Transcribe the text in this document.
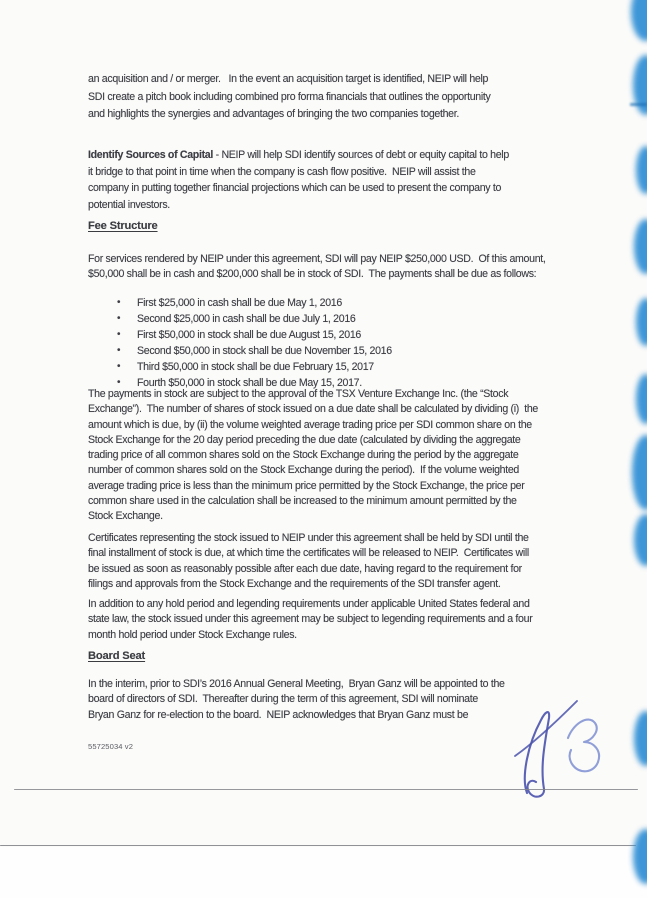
an acquisition and / or merger.   In the event an acquisition target is identified, NEIP will help
SDI create a pitch book including combined pro forma financials that outlines the opportunity
and highlights the synergies and advantages of bringing the two companies together.
Identify Sources of Capital - NEIP will help SDI identify sources of debt or equity capital to help
it bridge to that point in time when the company is cash flow positive.  NEIP will assist the
company in putting together financial projections which can be used to present the company to
potential investors.
Fee Structure
For services rendered by NEIP under this agreement, SDI will pay NEIP $250,000 USD.  Of this amount,
$50,000 shall be in cash and $200,000 shall be in stock of SDI.  The payments shall be due as follows:
• First $25,000 in cash shall be due May 1, 2016
• Second $25,000 in cash shall be due July 1, 2016
• First $50,000 in stock shall be due August 15, 2016
• Second $50,000 in stock shall be due November 15, 2016
• Third $50,000 in stock shall be due February 15, 2017
• Fourth $50,000 in stock shall be due May 15, 2017.
The payments in stock are subject to the approval of the TSX Venture Exchange Inc. (the “Stock
Exchange”).  The number of shares of stock issued on a due date shall be calculated by dividing (i)  the
amount which is due, by (ii) the volume weighted average trading price per SDI common share on the
Stock Exchange for the 20 day period preceding the due date (calculated by dividing the aggregate
trading price of all common shares sold on the Stock Exchange during the period by the aggregate
number of common shares sold on the Stock Exchange during the period).  If the volume weighted
average trading price is less than the minimum price permitted by the Stock Exchange, the price per
common share used in the calculation shall be increased to the minimum amount permitted by the
Stock Exchange.
Certificates representing the stock issued to NEIP under this agreement shall be held by SDI until the
final installment of stock is due, at which time the certificates will be released to NEIP.  Certificates will
be issued as soon as reasonably possible after each due date, having regard to the requirement for
filings and approvals from the Stock Exchange and the requirements of the SDI transfer agent.
In addition to any hold period and legending requirements under applicable United States federal and
state law, the stock issued under this agreement may be subject to legending requirements and a four
month hold period under Stock Exchange rules.
Board Seat
In the interim, prior to SDI’s 2016 Annual General Meeting,  Bryan Ganz will be appointed to the
board of directors of SDI.  Thereafter during the term of this agreement, SDI will nominate
Bryan Ganz for re-election to the board.  NEIP acknowledges that Bryan Ganz must be
55725034 v2
